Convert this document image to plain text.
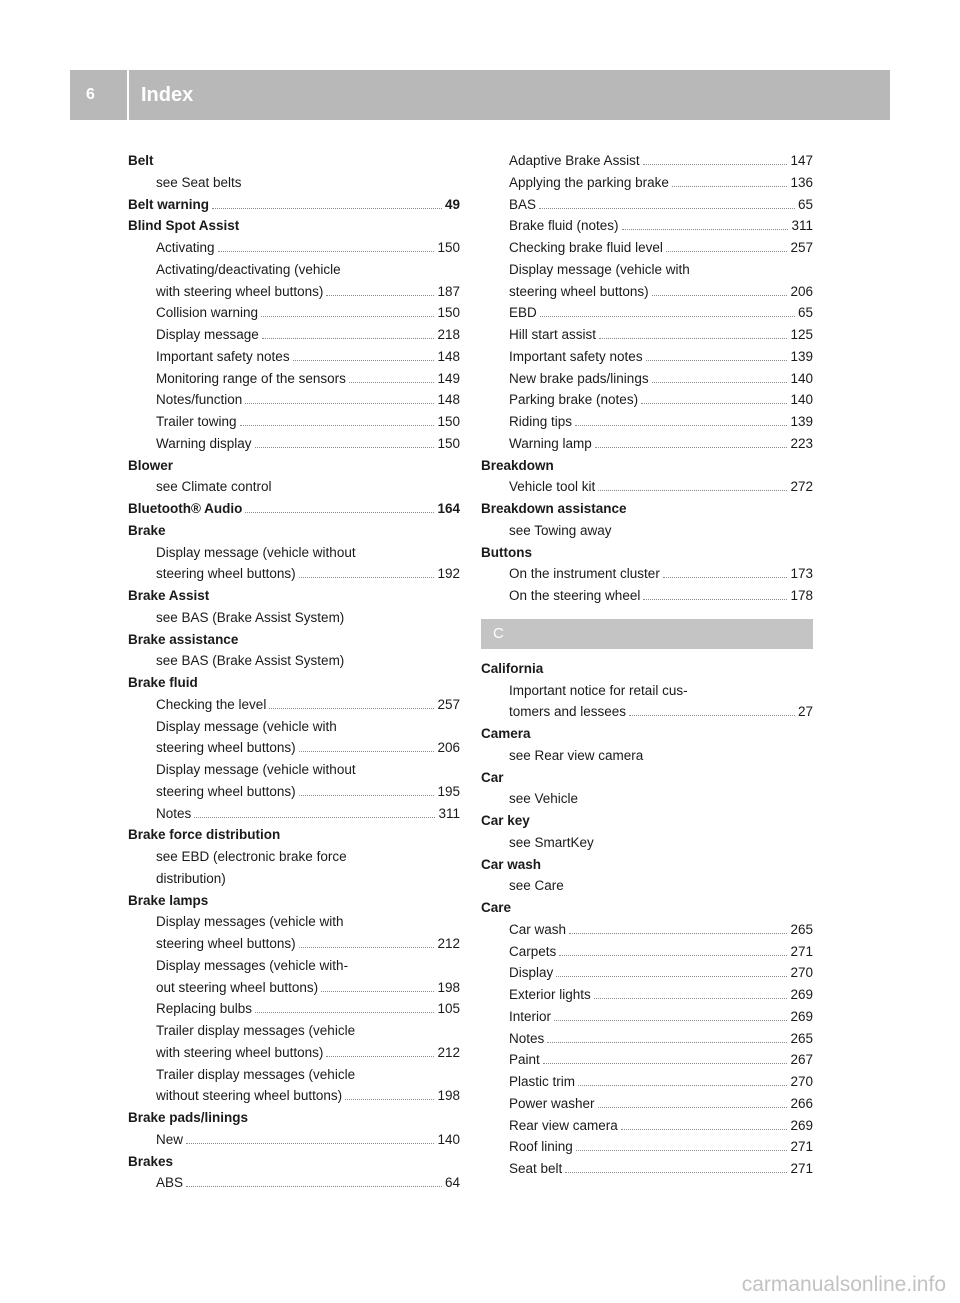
6 Index
Belt
see Seat belts
Belt warning	49
Blind Spot Assist
Activating	150
Activating/deactivating (vehicle
with steering wheel buttons)	187
Collision warning	150
Display message	218
Important safety notes	148
Monitoring range of the sensors	149
Notes/function	148
Trailer towing	150
Warning display	150
Blower
see Climate control
Bluetooth® Audio	164
Brake
Display message (vehicle without
steering wheel buttons)	192
Brake Assist
see BAS (Brake Assist System)
Brake assistance
see BAS (Brake Assist System)
Brake fluid
Checking the level	257
Display message (vehicle with
steering wheel buttons)	206
Display message (vehicle without
steering wheel buttons)	195
Notes	311
Brake force distribution
see EBD (electronic brake force
distribution)
Brake lamps
Display messages (vehicle with
steering wheel buttons)	212
Display messages (vehicle with-
out steering wheel buttons)	198
Replacing bulbs	105
Trailer display messages (vehicle
with steering wheel buttons)	212
Trailer display messages (vehicle
without steering wheel buttons)	198
Brake pads/linings
New	140
Brakes
ABS	64
Adaptive Brake Assist	147
Applying the parking brake	136
BAS	65
Brake fluid (notes)	311
Checking brake fluid level	257
Display message (vehicle with
steering wheel buttons)	206
EBD	65
Hill start assist	125
Important safety notes	139
New brake pads/linings	140
Parking brake (notes)	140
Riding tips	139
Warning lamp	223
Breakdown
Vehicle tool kit	272
Breakdown assistance
see Towing away
Buttons
On the instrument cluster	173
On the steering wheel	178
C
California
Important notice for retail cus-
tomers and lessees	27
Camera
see Rear view camera
Car
see Vehicle
Car key
see SmartKey
Car wash
see Care
Care
Car wash	265
Carpets	271
Display	270
Exterior lights	269
Interior	269
Notes	265
Paint	267
Plastic trim	270
Power washer	266
Rear view camera	269
Roof lining	271
Seat belt	271
carmanualsonline.info
